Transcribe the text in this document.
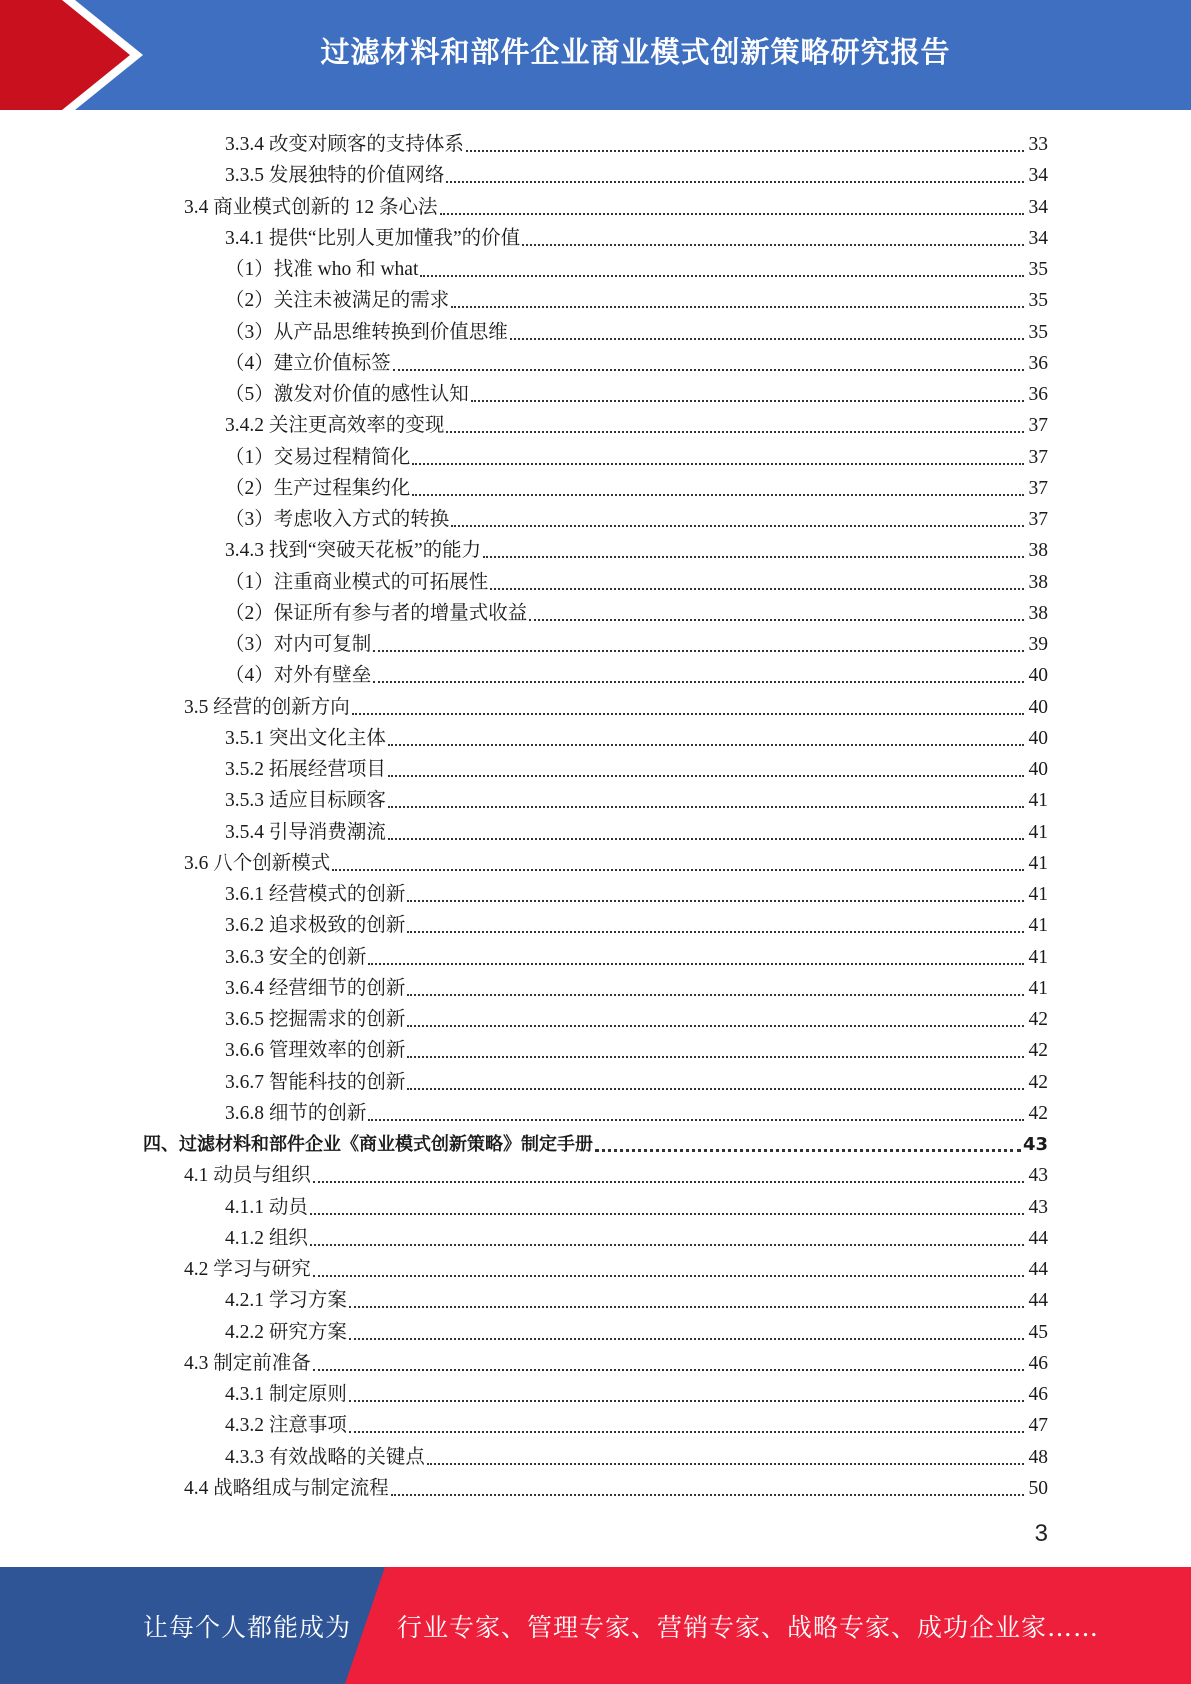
过滤材料和部件企业商业模式创新策略研究报告
3.3.4 改变对顾客的支持体系	33
3.3.5 发展独特的价值网络	34
3.4 商业模式创新的 12 条心法	34
3.4.1 提供“比别人更加懂我”的价值	34
（1）找准 who 和 what	35
（2）关注未被满足的需求	35
（3）从产品思维转换到价值思维	35
（4）建立价值标签	36
（5）激发对价值的感性认知	36
3.4.2 关注更高效率的变现	37
（1）交易过程精简化	37
（2）生产过程集约化	37
（3）考虑收入方式的转换	37
3.4.3 找到“突破天花板”的能力	38
（1）注重商业模式的可拓展性	38
（2）保证所有参与者的增量式收益	38
（3）对内可复制	39
（4）对外有壁垒	40
3.5 经营的创新方向	40
3.5.1 突出文化主体	40
3.5.2 拓展经营项目	40
3.5.3 适应目标顾客	41
3.5.4 引导消费潮流	41
3.6 八个创新模式	41
3.6.1 经营模式的创新	41
3.6.2 追求极致的创新	41
3.6.3 安全的创新	41
3.6.4 经营细节的创新	41
3.6.5 挖掘需求的创新	42
3.6.6 管理效率的创新	42
3.6.7 智能科技的创新	42
3.6.8 细节的创新	42
四、过滤材料和部件企业《商业模式创新策略》制定手册	43
4.1 动员与组织	43
4.1.1 动员	43
4.1.2 组织	44
4.2 学习与研究	44
4.2.1 学习方案	44
4.2.2 研究方案	45
4.3 制定前准备	46
4.3.1 制定原则	46
4.3.2 注意事项	47
4.3.3 有效战略的关键点	48
4.4 战略组成与制定流程	50
3
让每个人都能成为 行业专家、管理专家、营销专家、战略专家、成功企业家……
